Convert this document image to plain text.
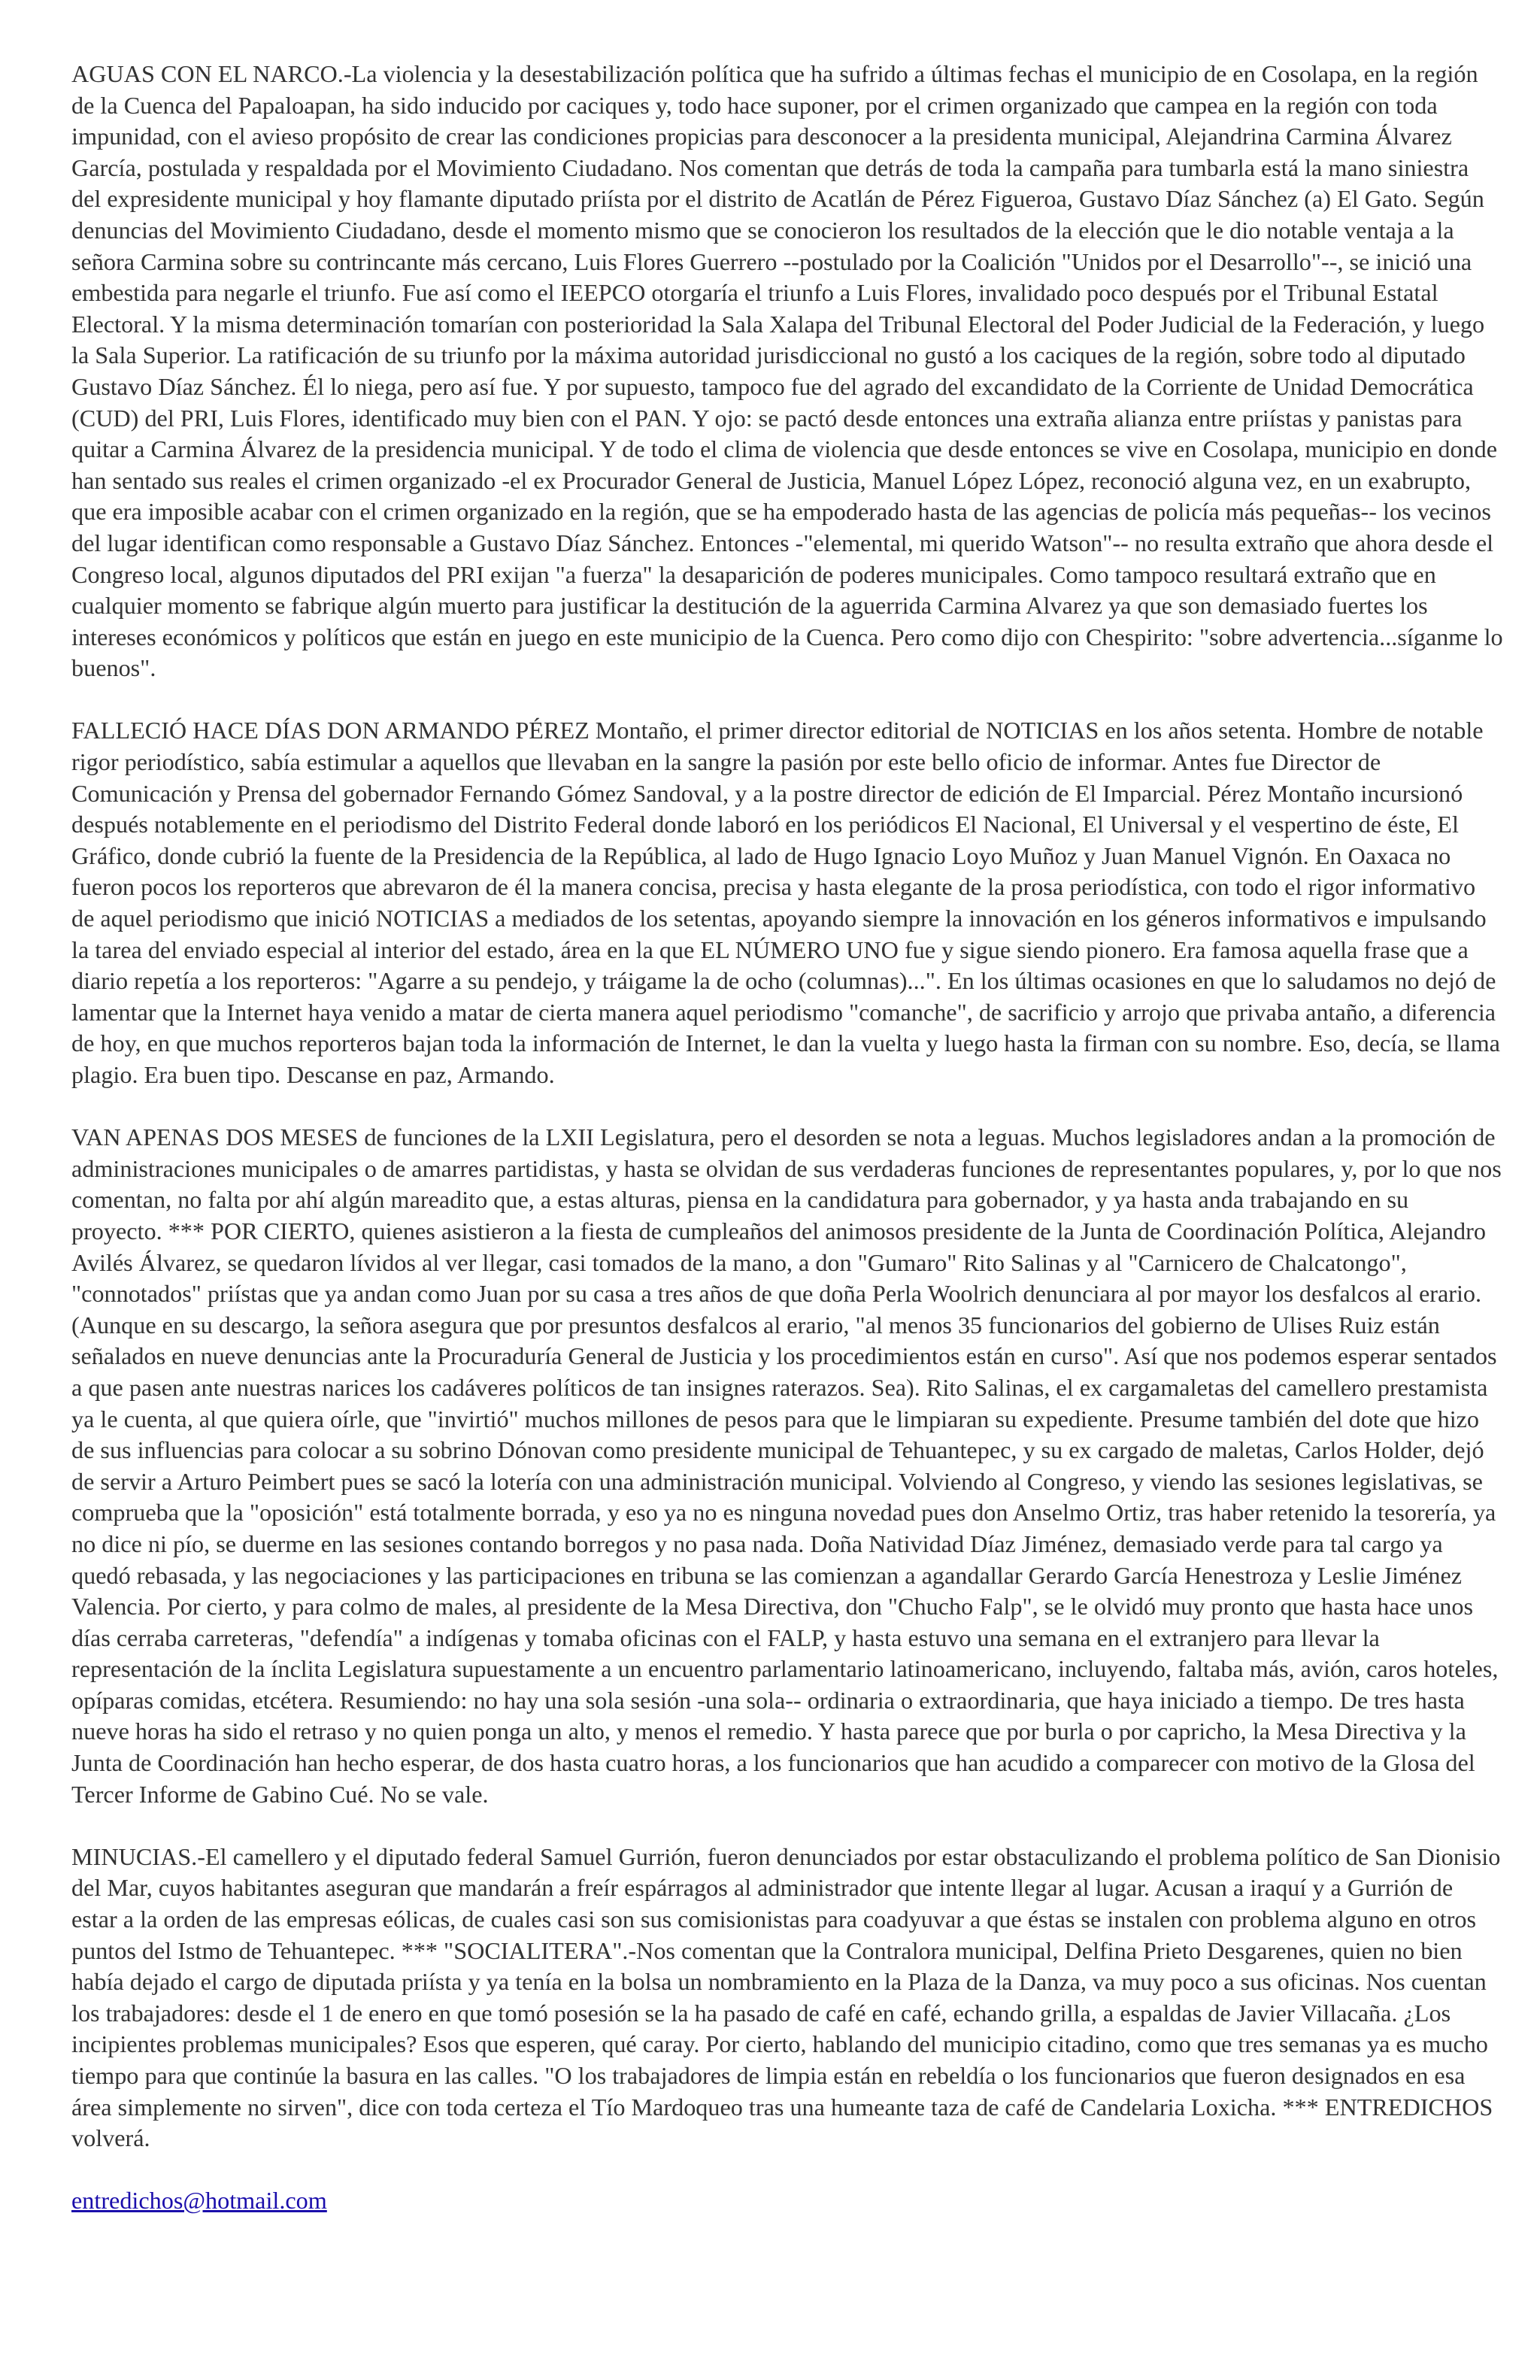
AGUAS CON EL NARCO.-La violencia y la desestabilización política que ha sufrido a últimas fechas el municipio de en Cosolapa, en la región de la Cuenca del Papaloapan, ha sido inducido por caciques y, todo hace suponer, por el crimen organizado que campea en la región con toda impunidad, con el avieso propósito de crear las condiciones propicias para desconocer a la presidenta municipal, Alejandrina Carmina Álvarez García, postulada y respaldada por el Movimiento Ciudadano. Nos comentan que detrás de toda la campaña para tumbarla está la mano siniestra del expresidente municipal y hoy flamante diputado priísta por el distrito de Acatlán de Pérez Figueroa, Gustavo Díaz Sánchez (a) El Gato. Según denuncias del Movimiento Ciudadano, desde el momento mismo que se conocieron los resultados de la elección que le dio notable ventaja a la señora Carmina sobre su contrincante más cercano, Luis Flores Guerrero --postulado por la Coalición "Unidos por el Desarrollo"--, se inició una embestida para negarle el triunfo. Fue así como el IEEPCO otorgaría el triunfo a Luis Flores, invalidado poco después por el Tribunal Estatal Electoral. Y la misma determinación tomarían con posterioridad la Sala Xalapa del Tribunal Electoral del Poder Judicial de la Federación, y luego la Sala Superior. La ratificación de su triunfo por la máxima autoridad jurisdiccional no gustó a los caciques de la región, sobre todo al diputado Gustavo Díaz Sánchez. Él lo niega, pero así fue. Y por supuesto, tampoco fue del agrado del excandidato de la Corriente de Unidad Democrática (CUD) del PRI, Luis Flores, identificado muy bien con el PAN. Y ojo: se pactó desde entonces una extraña alianza entre priístas y panistas para quitar a Carmina Álvarez de la presidencia municipal. Y de todo el clima de violencia que desde entonces se vive en Cosolapa, municipio en donde han sentado sus reales el crimen organizado -el ex Procurador General de Justicia, Manuel López López, reconoció alguna vez, en un exabrupto, que era imposible acabar con el crimen organizado en la región, que se ha empoderado hasta de las agencias de policía más pequeñas-- los vecinos del lugar identifican como responsable a Gustavo Díaz Sánchez. Entonces -"elemental, mi querido Watson"-- no resulta extraño que ahora desde el Congreso local, algunos diputados del PRI exijan "a fuerza" la desaparición de poderes municipales. Como tampoco resultará extraño que en cualquier momento se fabrique algún muerto para justificar la destitución de la aguerrida Carmina Alvarez ya que son demasiado fuertes los intereses económicos y políticos que están en juego en este municipio de la Cuenca. Pero como dijo con Chespirito: "sobre advertencia...síganme lo buenos".

FALLECIÓ HACE DÍAS DON ARMANDO PÉREZ Montaño, el primer director editorial de NOTICIAS en los años setenta. Hombre de notable rigor periodístico, sabía estimular a aquellos que llevaban en la sangre la pasión por este bello oficio de informar. Antes fue Director de Comunicación y Prensa del gobernador Fernando Gómez Sandoval, y a la postre director de edición de El Imparcial. Pérez Montaño incursionó después notablemente en el periodismo del Distrito Federal donde laboró en los periódicos El Nacional, El Universal y el vespertino de éste, El Gráfico, donde cubrió la fuente de la Presidencia de la República, al lado de Hugo Ignacio Loyo Muñoz y Juan Manuel Vignón. En Oaxaca no fueron pocos los reporteros que abrevaron de él la manera concisa, precisa y hasta elegante de la prosa periodística, con todo el rigor informativo de aquel periodismo que inició NOTICIAS a mediados de los setentas, apoyando siempre la innovación en los géneros informativos e impulsando la tarea del enviado especial al interior del estado, área en la que EL NÚMERO UNO fue y sigue siendo pionero. Era famosa aquella frase que a diario repetía a los reporteros: "Agarre a su pendejo, y tráigame la de ocho (columnas)...". En los últimas ocasiones en que lo saludamos no dejó de lamentar que la Internet haya venido a matar de cierta manera aquel periodismo "comanche", de sacrificio y arrojo que privaba antaño, a diferencia de hoy, en que muchos reporteros bajan toda la información de Internet, le dan la vuelta y luego hasta la firman con su nombre. Eso, decía, se llama plagio. Era buen tipo. Descanse en paz, Armando.

VAN APENAS DOS MESES de funciones de la LXII Legislatura, pero el desorden se nota a leguas. Muchos legisladores andan a la promoción de administraciones municipales o de amarres partidistas, y hasta se olvidan de sus verdaderas funciones de representantes populares, y, por lo que nos comentan, no falta por ahí algún mareadito que, a estas alturas, piensa en la candidatura para gobernador, y ya hasta anda trabajando en su proyecto. *** POR CIERTO, quienes asistieron a la fiesta de cumpleaños del animosos presidente de la Junta de Coordinación Política, Alejandro Avilés Álvarez, se quedaron lívidos al ver llegar, casi tomados de la mano, a don "Gumaro" Rito Salinas y al "Carnicero de Chalcatongo", "connotados" priístas que ya andan como Juan por su casa a tres años de que doña Perla Woolrich denunciara al por mayor los desfalcos al erario. (Aunque en su descargo, la señora asegura que por presuntos desfalcos al erario, "al menos 35 funcionarios del gobierno de Ulises Ruiz están señalados en nueve denuncias ante la Procuraduría General de Justicia y los procedimientos están en curso". Así que nos podemos esperar sentados a que pasen ante nuestras narices los cadáveres políticos de tan insignes raterazos. Sea). Rito Salinas, el ex cargamaletas del camellero prestamista ya le cuenta, al que quiera oírle, que "invirtió" muchos millones de pesos para que le limpiaran su expediente. Presume también del dote que hizo de sus influencias para colocar a su sobrino Dónovan como presidente municipal de Tehuantepec, y su ex cargado de maletas, Carlos Holder, dejó de servir a Arturo Peimbert pues se sacó la lotería con una administración municipal. Volviendo al Congreso, y viendo las sesiones legislativas, se comprueba que la "oposición" está totalmente borrada, y eso ya no es ninguna novedad pues don Anselmo Ortiz, tras haber retenido la tesorería, ya no dice ni pío, se duerme en las sesiones contando borregos y no pasa nada. Doña Natividad Díaz Jiménez, demasiado verde para tal cargo ya quedó rebasada, y las negociaciones y las participaciones en tribuna se las comienzan a agandallar Gerardo García Henestroza y Leslie Jiménez Valencia. Por cierto, y para colmo de males, al presidente de la Mesa Directiva, don "Chucho Falp", se le olvidó muy pronto que hasta hace unos días cerraba carreteras, "defendía" a indígenas y tomaba oficinas con el FALP, y hasta estuvo una semana en el extranjero para llevar la representación de la ínclita Legislatura supuestamente a un encuentro parlamentario latinoamericano, incluyendo, faltaba más, avión, caros hoteles, opíparas comidas, etcétera. Resumiendo: no hay una sola sesión -una sola-- ordinaria o extraordinaria, que haya iniciado a tiempo. De tres hasta nueve horas ha sido el retraso y no quien ponga un alto, y menos el remedio. Y hasta parece que por burla o por capricho, la Mesa Directiva y la Junta de Coordinación han hecho esperar, de dos hasta cuatro horas, a los funcionarios que han acudido a comparecer con motivo de la Glosa del Tercer Informe de Gabino Cué. No se vale.

MINUCIAS.-El camellero y el diputado federal Samuel Gurrión, fueron denunciados por estar obstaculizando el problema político de San Dionisio del Mar, cuyos habitantes aseguran que mandarán a freír espárragos al administrador que intente llegar al lugar. Acusan a iraquí y a Gurrión de estar a la orden de las empresas eólicas, de cuales casi son sus comisionistas para coadyuvar a que éstas se instalen con problema alguno en otros puntos del Istmo de Tehuantepec. *** "SOCIALITERA".-Nos comentan que la Contralora municipal, Delfina Prieto Desgarenes, quien no bien había dejado el cargo de diputada priísta y ya tenía en la bolsa un nombramiento en la Plaza de la Danza, va muy poco a sus oficinas. Nos cuentan los trabajadores: desde el 1 de enero en que tomó posesión se la ha pasado de café en café, echando grilla, a espaldas de Javier Villacaña. ¿Los incipientes problemas municipales? Esos que esperen, qué caray. Por cierto, hablando del municipio citadino, como que tres semanas ya es mucho tiempo para que continúe la basura en las calles. "O los trabajadores de limpia están en rebeldía o los funcionarios que fueron designados en esa área simplemente no sirven", dice con toda certeza el Tío Mardoqueo tras una humeante taza de café de Candelaria Loxicha. *** ENTREDICHOS volverá.

entredichos@hotmail.com
